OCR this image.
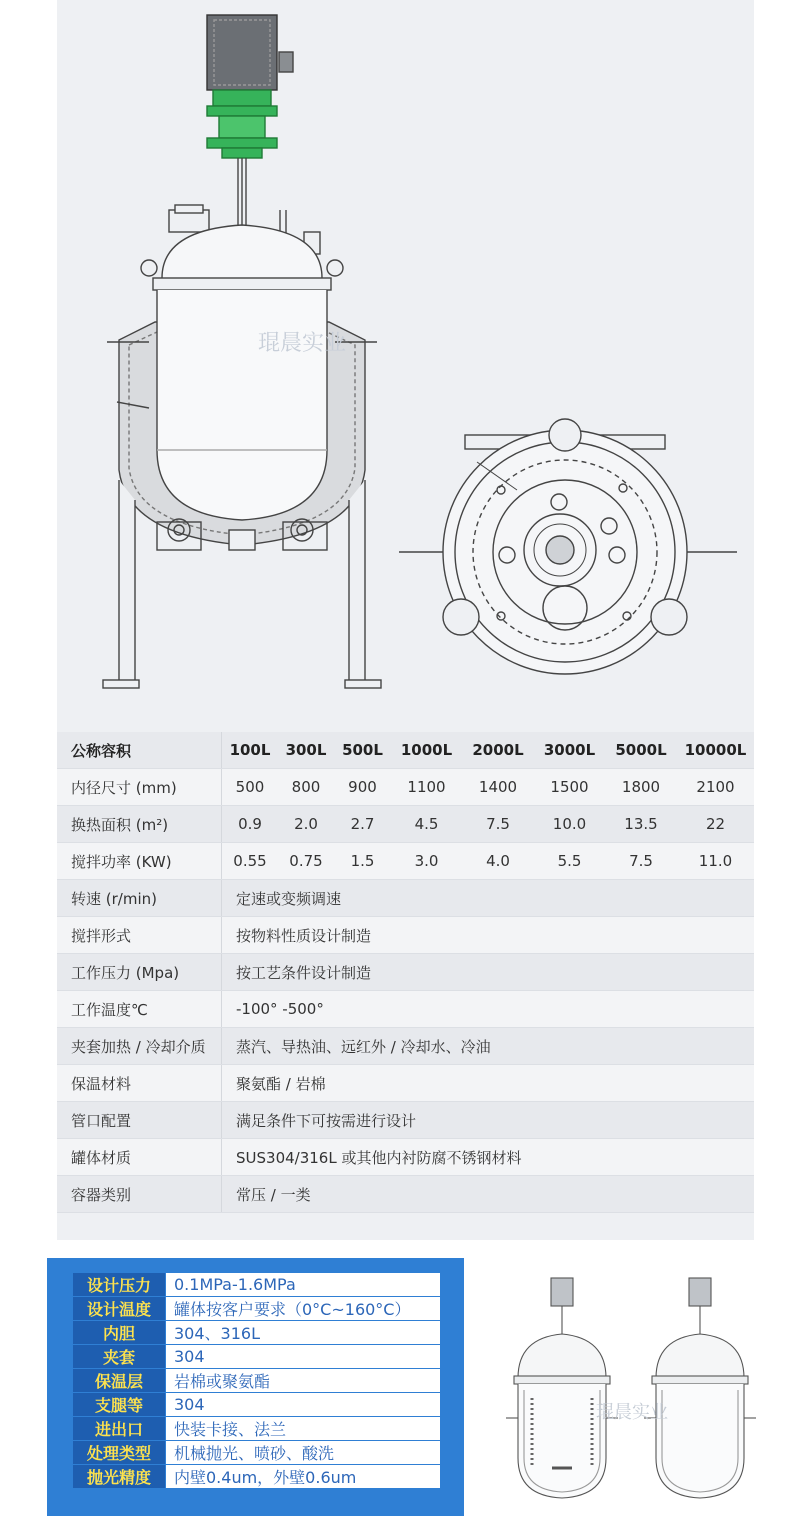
琨晨实业
公称容积	100L	300L	500L	1000L	2000L	3000L	5000L	10000L
内径尺寸 (mm)	500	800	900	1100	1400	1500	1800	2100
换热面积 (m²)	0.9	2.0	2.7	4.5	7.5	10.0	13.5	22
搅拌功率 (KW)	0.55	0.75	1.5	3.0	4.0	5.5	7.5	11.0
转速 (r/min)	定速或变频调速							
搅拌形式	按物料性质设计制造							
工作压力 (Mpa)	按工艺条件设计制造							
工作温度℃	-100° -500°							
夹套加热 / 冷却介质	蒸汽、导热油、远红外 / 冷却水、冷油							
保温材料	聚氨酯 / 岩棉							
管口配置	满足条件下可按需进行设计							
罐体材质	SUS304/316L 或其他内衬防腐不锈钢材料							
容器类别	常压 / 一类							
设计压力	0.1MPa-1.6MPa
设计温度	罐体按客户要求（0°C~160°C）
内胆	304、316L
夹套	304
保温层	岩棉或聚氨酯
支腿等	304
进出口	快装卡接、法兰
处理类型	机械抛光、喷砂、酸洗
抛光精度	内壁0.4um，外壁0.6um
琨晨实业
